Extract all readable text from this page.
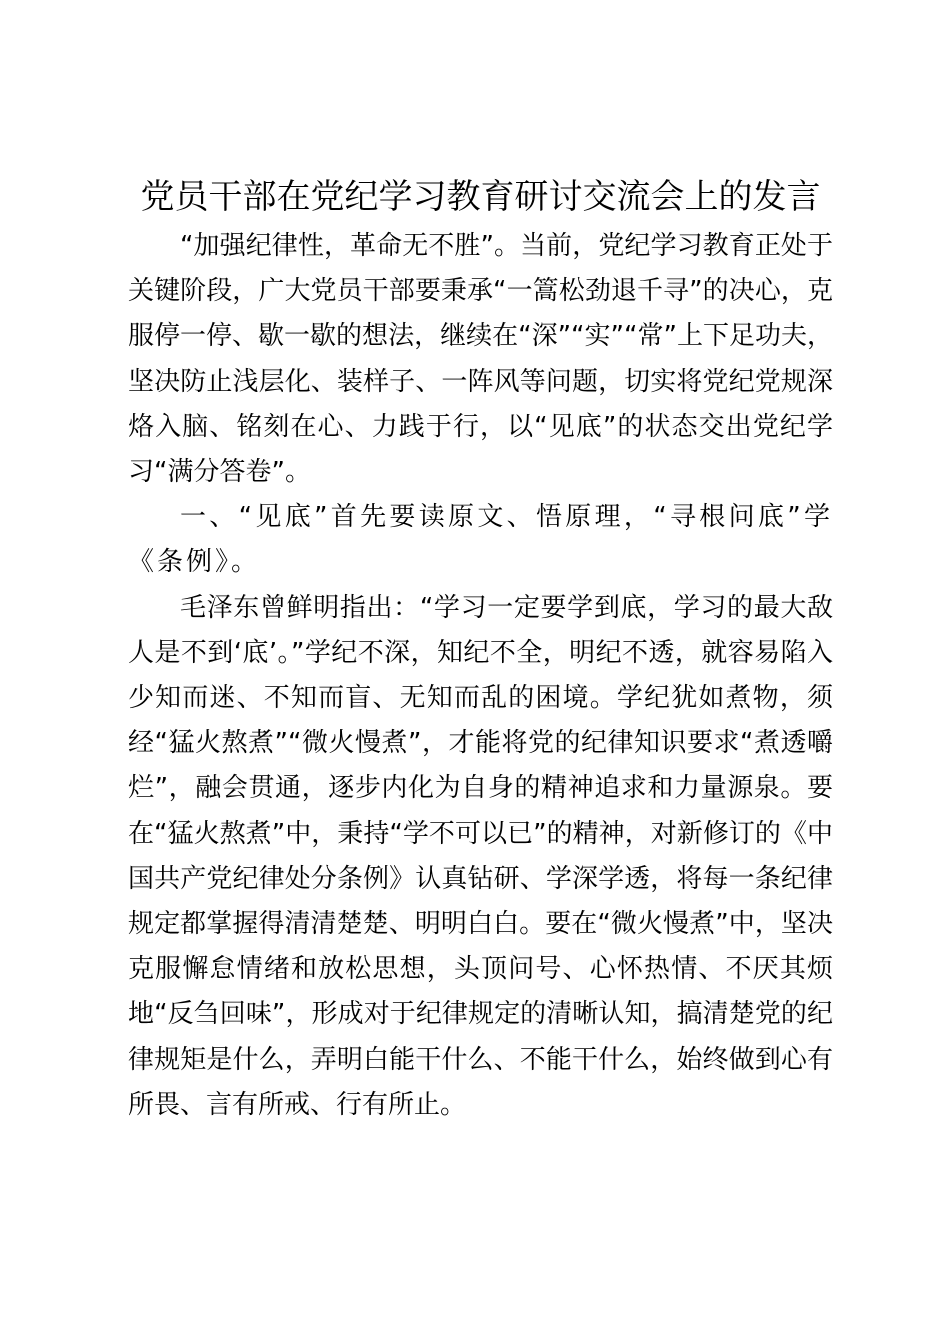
党员干部在党纪学习教育研讨交流会上的发言

“加强纪律性，革命无不胜”。当前，党纪学习教育正处于关键阶段，广大党员干部要秉承“一篙松劲退千寻”的决心，克服停一停、歇一歇的想法，继续在“深”“实”“常”上下足功夫，坚决防止浅层化、装样子、一阵风等问题，切实将党纪党规深烙入脑、铭刻在心、力践于行，以“见底”的状态交出党纪学习“满分答卷”。

一、“见底”首先要读原文、悟原理，“寻根问底”学《条例》。

毛泽东曾鲜明指出：“学习一定要学到底，学习的最大敌人是不到‘底’。”学纪不深，知纪不全，明纪不透，就容易陷入少知而迷、不知而盲、无知而乱的困境。学纪犹如煮物，须经“猛火熬煮”“微火慢煮”，才能将党的纪律知识要求“煮透嚼烂”，融会贯通，逐步内化为自身的精神追求和力量源泉。要在“猛火熬煮”中，秉持“学不可以已”的精神，对新修订的《中国共产党纪律处分条例》认真钻研、学深学透，将每一条纪律规定都掌握得清清楚楚、明明白白。要在“微火慢煮”中，坚决克服懈怠情绪和放松思想，头顶问号、心怀热情、不厌其烦地“反刍回味”，形成对于纪律规定的清晰认知，搞清楚党的纪律规矩是什么，弄明白能干什么、不能干什么，始终做到心有所畏、言有所戒、行有所止。
